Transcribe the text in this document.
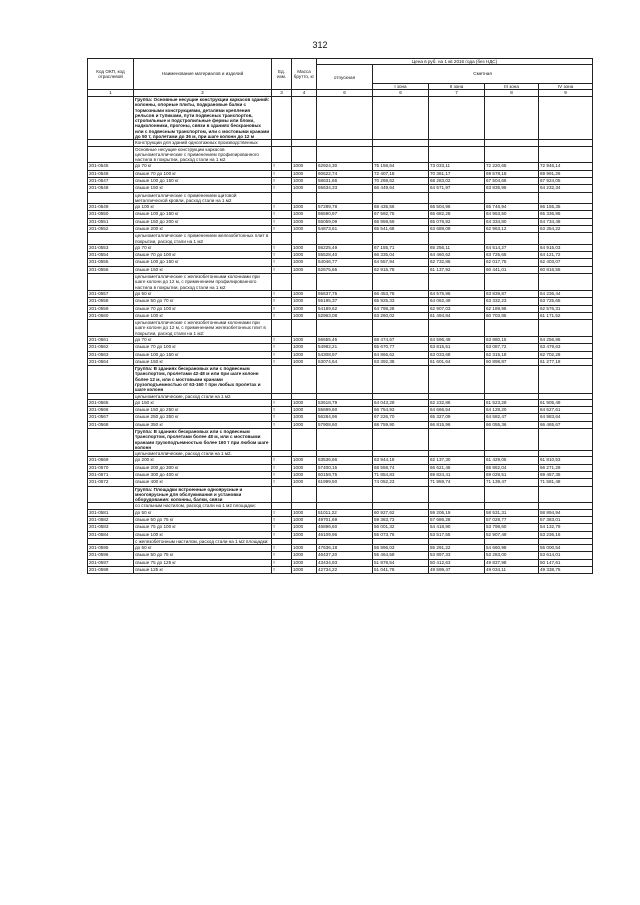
312
Код ОКП, код отраслевой	Наименование материалов и изделий	Ед. изм.	Масса брутто, кг	Цена в руб. на 1 кв 2016 года (без НДС)				
				отпускная	Сметная			
					I зона	II зона	III зона	IV зона
1	2	3	4	6	6	7	8	9
	Группа: Основные несущие конструкции каркасов зданий: колонны, опорные плиты, подкрановые балки с тормозными конструкциями, деталями крепления рельсов и тупиками, пути подвесных транспортов, стропильные и подстропильные фермы или блоки, надколонники, прогоны, связи в зданиях бескрановых или с подвесным транспортом, или с мостовыми кранами до 50 т, пролетами до 36 м, при шаге колонн до 12 м							
	Конструкции для зданий одноэтажных производственных							
	Основные несущие конструкции каркасов цельнометаллические с применением профилированного настила в покрытии, расход стали на 1 м2							
201-0545	до 70 кг	т	1000	62924,30	75 158,64	73 033,11	72 220,65	72 946,14
201-0546	свыше 70 до 100 кг	т	1000	60622,74	72 407,18	70 361,17	69 578,18	69 991,26
201-0547	свыше 100 до 150 кг	т	1000	58631,66	70 268,62	68 283,02	67 504,66	67 924,05
201-0548	свыше 150 кг	т	1000	55634,33	66 449,64	64 571,97	63 835,96	64 232,34
	цельнометаллические с применением щитовой металлической кровли, расход стали на 1 м2							
201-0549	до 100 кг	т	1000	57289,78	68 435,56	66 504,96	65 746,94	66 155,35
201-0550	свыше 100 до 150 кг	т	1000	56590,97	67 592,75	65 682,28	64 953,50	65 336,95
201-0551	свыше 150 до 200 кг	т	1000	56059,09	66 959,59	65 076,92	64 334,80	64 734,48
201-0552	свыше 200 кг	т	1000	54873,61	65 541,68	63 689,09	62 963,12	63 354,22
	цельнометаллические с применением железобетонных плит в покрытии, расход стали на 1 м2							
201-0553	до 70 кг	т	1000	56225,49	67 155,71	65 256,11	64 514,27	64 915,03
201-0554	свыше 70 до 100 кг	т	1000	55528,40	66 335,04	64 460,62	63 725,65	64 121,72
201-0555	свыше 100 до 150 кг	т	1000	54046,77	64 557,94	62 732,86	62 017,75	62 403,07
201-0556	свыше 150 кг	т	1000	52675,65	62 915,78	61 137,92	60 441,01	60 816,55
	цельнометаллические с железобетонными колоннами при шаге колонн до 12 м, с применением профилированного настила в покрытии, расход стали на 1 м2							
201-0557	до 50 кг	т	1000	55637,75	66 453,78	64 575,96	63 839,87	64 236,44
201-0558	свыше 50 до 70 кг	т	1000	55195,37	65 925,33	64 062,49	63 332,23	63 725,65
201-0559	свыше 70 до 100 кг	т	1000	54189,62	64 798,28	62 907,03	62 189,96	62 576,31
201-0560	свыше 100 кг	т	1000	52963,08	63 260,02	61 494,84	60 703,85	61 171,52
	цельнометаллические с железобетонными колоннами при шаге колонн до 12 м, с применением железобетонных плит в покрытии, расход стали на 1 м2:							
201-0561	до 70 кг	т	1000	56655,45	68 474,67	64 596,49	63 880,15	64 256,86
201-0562	свыше 70 до 100 кг	т	1000	54982,21	65 670,77	63 815,51	63 087,72	63 479,63
201-0563	свыше 100 до 150 кг	т	1000	54308,97	64 866,62	63 033,68	62 315,18	62 702,28
201-0564	свыше 150 кг	т	1000	53074,64	63 392,38	61 601,64	60 898,87	61 277,18
	Группа: В зданиях бескрановых или с подвесным транспортом, пролетами 42-48 м или при шаге колонн более 12 м, или с мостовыми кранами грузоподъемностью от 63-160 т при любых пролетах и шаге колонн							
	цельнометаллические, расход стали на 1 м2							
201-0565	до 150 кг	т	1000	53618,79	64 043,29	62 232,86	61 523,29	61 905,49
201-0566	свыше 150 до 250 кг	т	1000	55699,60	66 754,93	64 666,54	64 128,20	64 527,61
201-0567	свыше 250 до 350 кг	т	1000	56284,96	67 226,70	65 327,09	64 582,47	64 983,64
201-0568	свыше 350 кг	т	1000	57908,60	68 759,90	66 815,96	66 055,36	66 465,67
	Группа: В зданиях бескрановых или с подвесным транспортом, пролетами более 48 м, или с мостовыми кранами грузоподъемностью более 160 т при любом шаге колонн							
	цельнометаллические, расход стали на 1 м2.							
201-0569	до 200 кг	т	1000	53536,66	63 944,18	62 137,30	61 429,05	61 810,53
201-0570	свыше 200 до 300 кг	т	1000	57400,15	68 558,74	66 621,46	65 862,04	66 271,29
201-0571	свыше 300 до 400 кг	т	1000	60159,75	71 854,83	69 824,41	69 028,51	69 457,35
201-0572	свыше 400 кг	т	1000	61999,50	74 052,23	71 959,74	71 139,47	71 581,48
	Группа: Площадки встроенные одноярусные и многоярусные для обслуживания и установки оборудования: колонны, балки, связи							
	со стальным настилом, расход стали на 1 м2 площадки:							
201-0581	до 50 кг	т	1000	51011,22	60 927,62	59 206,19	58 531,31	58 894,94
201-0582	свыше 50 до 75 кг	т	1000	49701,69	59 363,73	57 686,28	57 028,77	57 383,01
201-0583	свыше 75 до 100 кг	т	1000	46896,60	56 001,32	54 418,90	53 798,60	54 132,79
201-0584	свыше 100 кг	т	1000	46109,96	55 073,76	53 517,55	52 907,49	53 236,16
	с железобетонным настилом, расход стали на 1 м2 площадки:							
201-0595	до 50 кг	т	1000	47636,18	56 896,03	55 291,22	54 660,98	55 000,54
201-0596	свыше 50 до 75 кг	т	1000	46437,20	55 464,59	53 897,33	53 283,00	53 614,01
201-0597	свыше 75 до 125 кг	т	1000	43434,93	51 878,54	50 412,63	49 837,98	50 147,61
201-0598	свыше 125 кг	т	1000	42734,22	51 041,78	49 599,47	49 034,11	49 338,75
